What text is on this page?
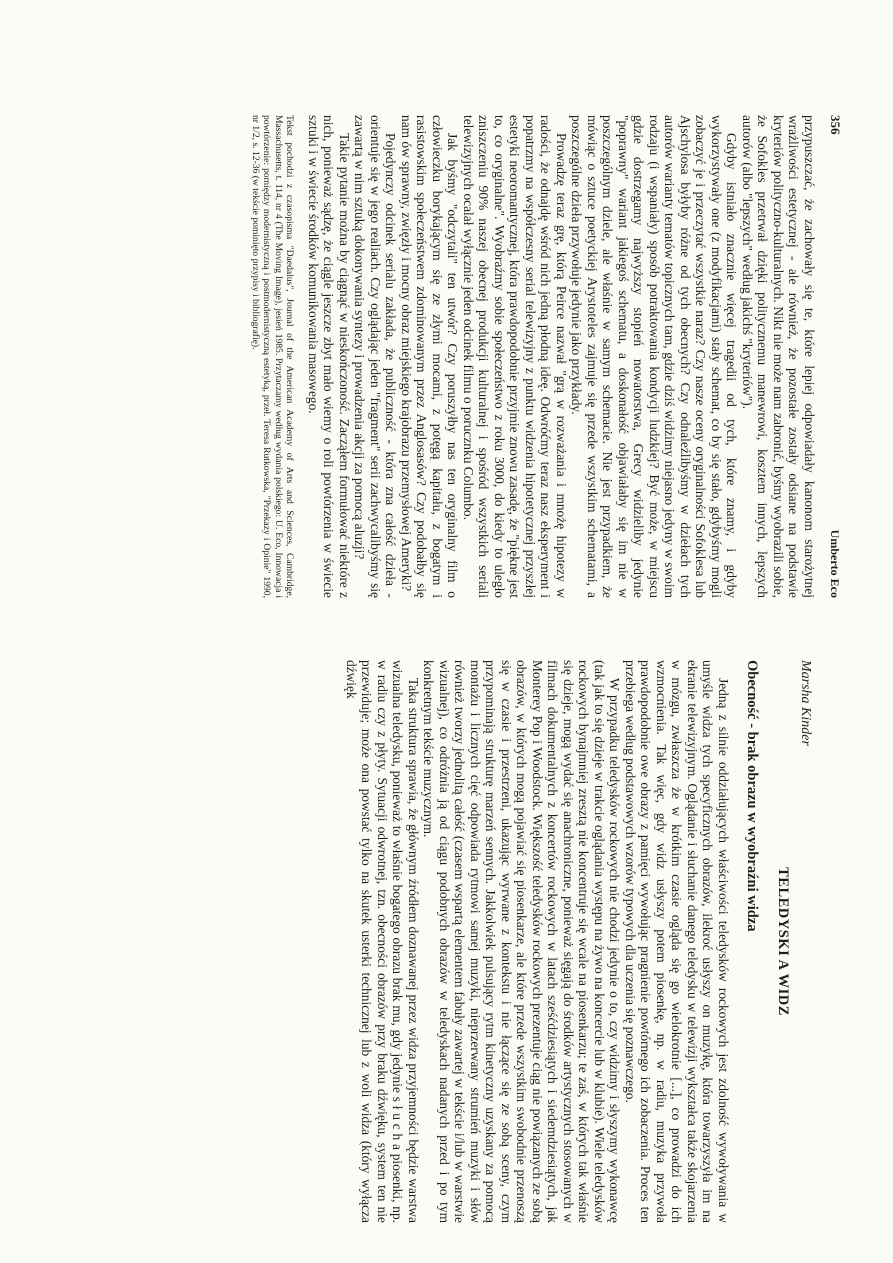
356
Umberto Eco

przypuszczać, że zachowały się te, które lepiej odpowiadały kanonom starożytnej wrażliwości estetycznej - ale również, że pozostałe zostały odsiane na podstawie kryteriów polityczno-kulturalnych. Nikt nie może nam zabronić, byśmy wyobrazili sobie, że Sofokles przetrwał dzięki politycznemu manewrowi, kosztem innych, lepszych autorów (albo "lepszych" według jakichś "kryteriów").

Gdyby istniało znacznie więcej tragedii od tych, które znamy, i gdyby wykorzystywały one (z modyfikacjami) stały schemat, co by się stało, gdybyśmy mogli zobaczyć je i przeczytać wszystkie naraz? Czy nasze oceny oryginalności Sofoklesa lub Ajschylosa byłyby różne od tych obecnych? Czy odnaleźlibyśmy w dziełach tych autorów warianty tematów topicznych tam, gdzie dziś widzimy niejasno jedyny w swoim rodzaju (i wspaniały) sposób potraktowania kondycji ludzkiej? Być może, w miejscu gdzie dostrzegamy najwyższy stopień nowatorstwa, Grecy widzieliby jedynie "poprawny" wariant jakiegoś schematu, a doskonałość objawiałaby się im nie w poszczególnym dziele, ale właśnie w samym schemacie. Nie jest przypadkiem, że mówiąc o sztuce poetyckiej Arystoteles zajmuje się przede wszystkim schematami, a poszczególne dzieła przywołuje jedynie jako przykłady.

Prowadzę teraz grę, którą Peirce nazwał "grą w rozważania i mnożę hipotezy w radości, że odnajdę wśród nich jedną płodną ideę. Odwróćmy teraz nasz eksperyment i popatrzmy na współczesny serial telewizyjny z punktu widzenia hipotetycznej przyszłej estetyki neoromantycznej, która prawdopodobnie przyjmie znowu zasadę, że "piękne jest to, co oryginalne". Wyobraźmy sobie społeczeństwo z roku 3000, do kiedy to uległo zniszczeniu 90% naszej obecnej produkcji kulturalnej i spośród wszystkich seriali telewizyjnych ocalał wyłącznie jeden odcinek filmu o porucznku Columbo.

Jak byśmy "odczytali" ten utwór? Czy poruszyłby nas ten oryginalny film o człowieczku borykającym się ze złymi mocami, z potęgą kapitału, z bogatym i rasistowskim społeczeństwem zdominowanym przez Anglosasów? Czy podobałby się nam ów sprawny, zwięzły i mocny obraz miejskiego krajobrazu przemysłowej Ameryki?

Pojedynczy odcinek serialu zakłada, że publiczność - która zna całość dzieła - orientuje się w jego realiach. Czy oglądając jeden "fragment" serii zachwycalibyśmy się zawartą w nim sztuką dokonywania syntezy i prowadzenia akcji za pomocą aluzji?

Takie pytanie można by ciągnąć w nieskończoność. Zacząłem formułować niektóre z nich, ponieważ sądzę, że ciągle jeszcze zbyt mało wiemy o roli powtórzenia w świecie sztuki i w świecie środków komunikowania masowego.

Tekst pochodzi z czasopisma "Daedalus", Journal of the American Academy of Arts and Sciences, Cambridge, Massachusetts, t. 114, nr 4 (The Moving Image), jesień 1985. Przytaczamy według wydania polskiego: U. Eco, Innowacja i powtórzenie: pomiędzy modernistyczną i postmodernistyczną estetyką, przeł. Teresa Rutkowska, "Przekazy i Opinie" 1990, nr 1/2, s. 12-36 (w tekście pominięto przypisy i bibliografię).
Marsha Kinder
TELEDYSKI A WIDZ
Obecność - brak obrazu w wyobraźni widza

Jedną z silnie oddziałujących właściwości teledysków rockowych jest zdolność wywoływania w umyśle widza tych specyficznych obrazów, ilekroć usłyszy on muzykę, która towarzyszyła im na ekranie telewizyjnym. Oglądanie i słuchanie danego teledysku w telewizji wykształca także skojarzenia w mózgu, zwłaszcza że w krótkim czasie ogląda się go wielokrotnie [...], co prowadzi do ich wzmocnienia. Tak więc, gdy widz usłyszy potem piosenkę, np. w radiu, muzyka przywoła prawdopodobnie owe obrazy z pamięci wywołując pragnienie powtórnego ich zobaczenia. Proces ten przebiega według podstawowych wzorów typowych dla uczenia się poznawczego.

W przypadku teledysków rockowych nie chodzi jedynie o to, czy widzimy i słyszymy wykonawcę (tak jak to się dzieje w trakcie oglądania występu na żywo na koncercie lub w klubie). Wiele teledysków rockowych bynajmniej zresztą nie koncentruje się wcale na piosenkarzu; te zaś, w których tak właśnie się dzieje, mogą wydać się anachroniczne, ponieważ sięgają do środków artystycznych stosowanych w filmach dokumentalnych z koncertów rockowych w latach sześćdziesiątych i siedemdziesiątych, jak Monterey Pop i Woodstock. Większość teledysków rockowych prezentuje ciąg nie powiązanych ze sobą obrazów, w których mogą pojawiać się piosenkarze, ale które przede wszystkim swobodnie przenoszą się w czasie i przestrzeni, ukazując wyrwane z kontekstu i nie łączące się ze sobą sceny, czym przypominają strukturę marzeń sennych. Jakkolwiek pulsujący rytm kinetyczny uzyskany za pomocą montażu i licznych cięć odpowiada rytmowi samej muzyki, nieprzerwany strumień muzyki i słów również tworzy jednolitą całość (czasem wspartą elementem fabuły zawartej w tekście i/lub w warstwie wizualnej), co odróżnia ją od ciągu podobnych obrazów w teledyskach nadanych przed i po tym konkretnym tekście muzycznym.

Taka struktura sprawia, że głównym źródłem doznawanej przez widza przyjemności będzie warstwa wizualna teledysku, ponieważ to właśnie bogatego obrazu brak mu, gdy jedynie s ł u c h a piosenki, np. w radiu czy z płyty. Sytuacji odwrotnej, tzn. obecności obrazów przy braku dźwięku, system ten nie przewiduje; może ona powstać tylko na skutek usterki technicznej lub z woli widza (który wyłącza dźwięk
